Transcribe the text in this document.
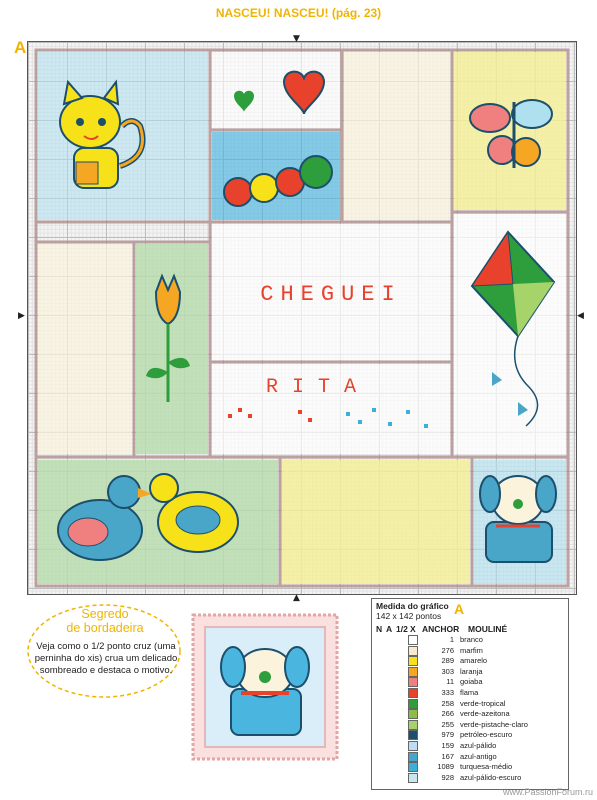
NASCEU! NASCEU! (pág. 23)
A
CHEGUEI
RITA
▼
▲
▶	◀
Segredo
de bordadeira
Veja como o 1/2 ponto cruz (uma perninha do xis) crua um delicado sombreado e destaca o motivo.
Medida do gráfico A
142 x 142 pontos
N A 1/2 X ANCHOR MOULINÉ
1 branco
276 marfim
289 amarelo
303 laranja
11 goiaba
333 flama
258 verde-tropical
266 verde-azeitona
255 verde-pistache-claro
979 petróleo-escuro
159 azul-pálido
167 azul-antigo
1089 turquesa-médio
928 azul-pálido-escuro
www.PassionForum.ru
